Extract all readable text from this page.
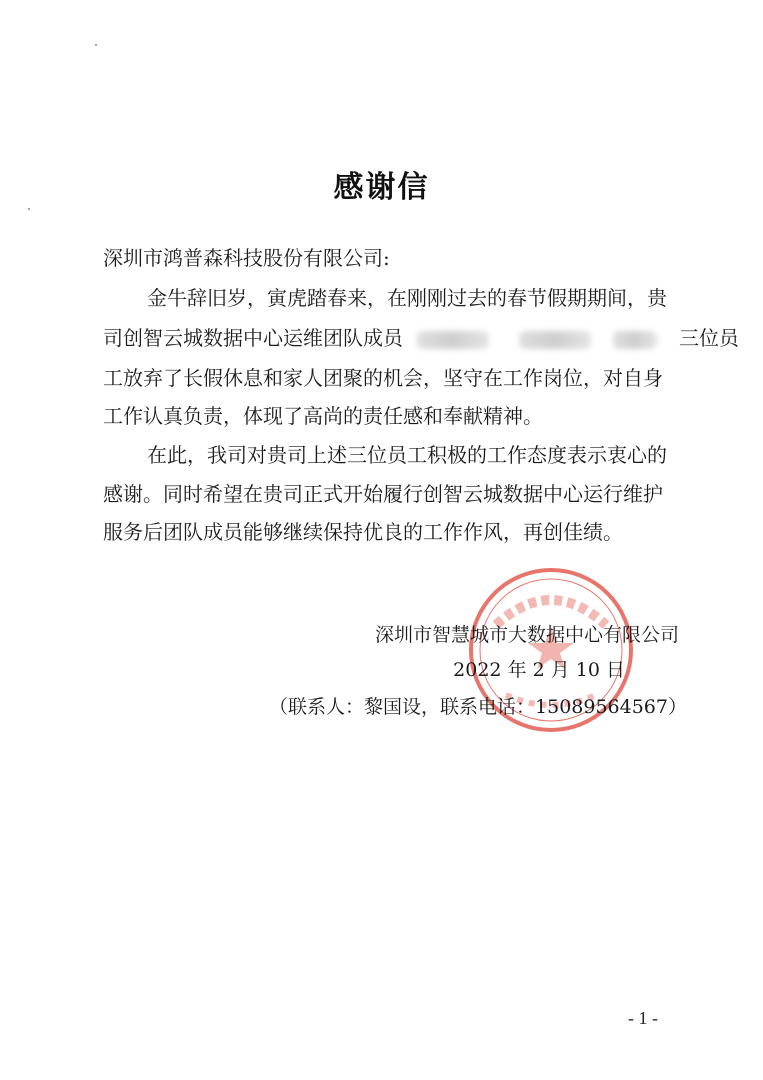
感谢信
深圳市鸿普森科技股份有限公司:
金牛辞旧岁，寅虎踏春来，在刚刚过去的春节假期期间，贵
司创智云城数据中心运维团队成员	三位员
工放弃了长假休息和家人团聚的机会，坚守在工作岗位，对自身
工作认真负责，体现了高尚的责任感和奉献精神。
在此，我司对贵司上述三位员工积极的工作态度表示衷心的
感谢。同时希望在贵司正式开始履行创智云城数据中心运行维护
服务后团队成员能够继续保持优良的工作作风，再创佳绩。
深圳市智慧城市大数据中心有限公司
2022 年 2 月 10 日
（联系人：黎国设，联系电话：15089564567）
- 1 -
